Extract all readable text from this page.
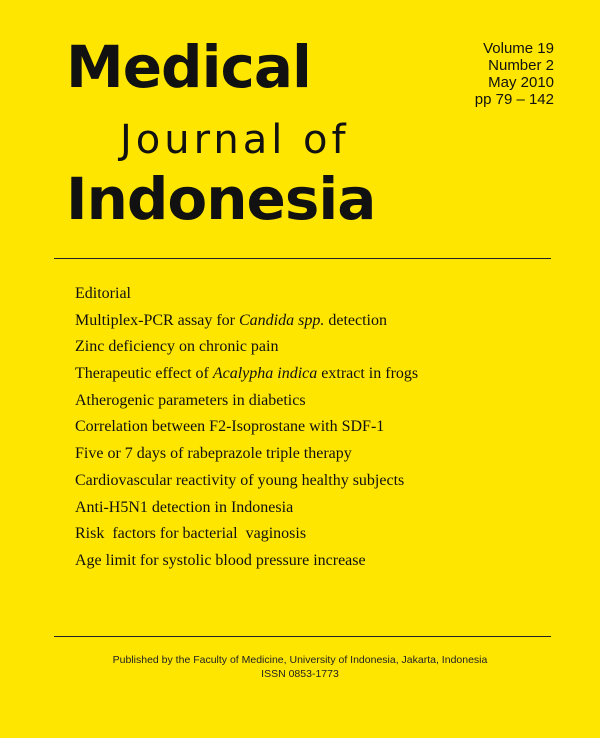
Medical
Journal of
Indonesia
Volume 19
Number 2
May 2010
pp 79 – 142
Editorial
Multiplex-PCR assay for Candida spp. detection
Zinc deficiency on chronic pain
Therapeutic effect of Acalypha indica extract in frogs
Atherogenic parameters in diabetics
Correlation between F2-Isoprostane with SDF-1
Five or 7 days of rabeprazole triple therapy
Cardiovascular reactivity of young healthy subjects
Anti-H5N1 detection in Indonesia
Risk  factors for bacterial  vaginosis
Age limit for systolic blood pressure increase
Published by the Faculty of Medicine, University of Indonesia, Jakarta, Indonesia
ISSN 0853-1773
